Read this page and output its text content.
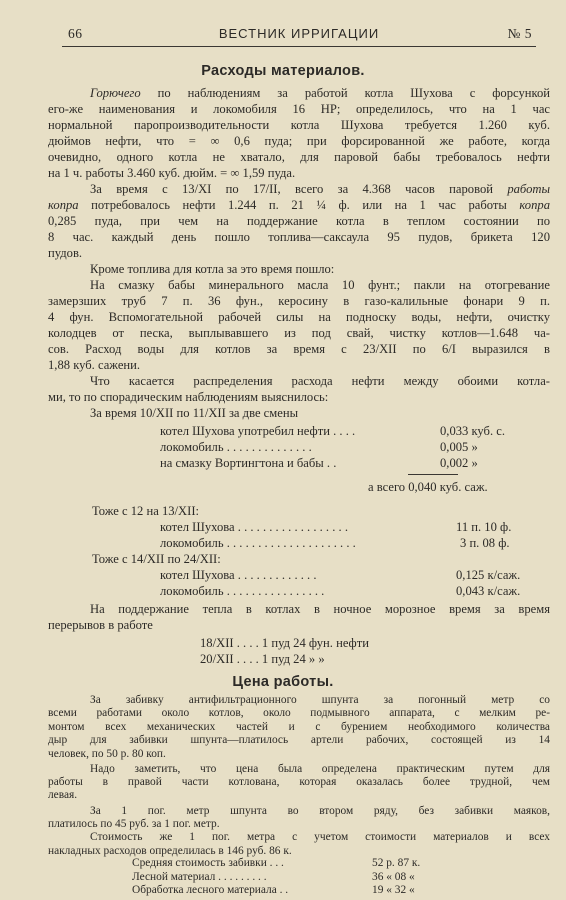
66	ВЕСТНИК ИРРИГАЦИИ	№ 5
Расходы материалов.

Горючего по наблюдениям за работой котла Шухова с форсункой

его-же наименования и локомобиля 16 HP; определилось, что на 1 час

нормальной паропроизводительности котла Шухова требуется 1.260 куб.

дюймов нефти, что = ∞ 0,6 пуда; при форсированной же работе, когда

очевидно, одного котла не хватало, для паровой бабы требовалось нефти

на 1 ч. работы 3.460 куб. дюйм. = ∞ 1,59 пуда.

За время с 13/XI по 17/II, всего за 4.368 часов паровой работы

копра потребовалось нефти 1.244 п. 21 ¼ ф. или на 1 час работы копра

0,285 пуда, при чем на поддержание котла в теплом состоянии по

8 час. каждый день пошло топлива—саксаула 95 пудов, брикета 120

пудов.

Кроме топлива для котла за это время пошло:

На смазку бабы минерального масла 10 фунт.; пакли на отогревание

замерзших труб 7 п. 36 фун., керосину в газо-калильные фонари 9 п.

4 фун. Вспомогательной рабочей силы на подноску воды, нефти, очистку

колодцев от песка, выплывавшего из под свай, чистку котлов—1.648 ча-

сов. Расход воды для котлов за время с 23/XII по 6/I выразился в

1,88 куб. сажени.

Что касается распределения расхода нефти между обоими котла-

ми, то по спорадическим наблюдениям выяснилось:

За время 10/XII по 11/XII за две смены

котел Шухова употребил нефти . . . .	0,033 куб. с.
локомобиль . . . . . . . . . . . . . .	0,005 »
на смазку Вортингтона и бабы . .	0,002 »
а всего 0,040 куб. саж.

Тоже с 12 на 13/XII:

котел Шухова . . . . . . . . . . . . . . . . . .	11 п. 10 ф.
локомобиль . . . . . . . . . . . . . . . . . . . . .	3 п. 08 ф.

Тоже с 14/XII по 24/XII:

котел Шухова . . . . . . . . . . . . .	0,125 к/саж.
локомобиль . . . . . . . . . . . . . . . .	0,043 к/саж.

На поддержание тепла в котлах в ночное морозное время за время

перерывов в работе

18/XII . . . . 1 пуд 24 фун. нефти

20/XII . . . . 1 пуд 24 » »

Цена работы.

За забивку антифильтрационного шпунта за погонный метр со

всеми работами около котлов, около подмывного аппарата, с мелким ре-

монтом всех механических частей и с бурением необходимого количества

дыр для забивки шпунта—платилось артели рабочих, состоящей из 14

человек, по 50 р. 80 коп.

Надо заметить, что цена была определена практическим путем для

работы в правой части котлована, которая оказалась более трудной, чем

левая.

За 1 пог. метр шпунта во втором ряду, без забивки маяков,

платилось по 45 руб. за 1 пог. метр.

Стоимость же 1 пог. метра с учетом стоимости материалов и всех

накладных расходов определилась в 146 руб. 86 к.

Средняя стоимость забивки . . .	52 р. 87 к.
Лесной материал . . . . . . . . .	36 « 08 «
Обработка лесного материала . .	19 « 32 «
